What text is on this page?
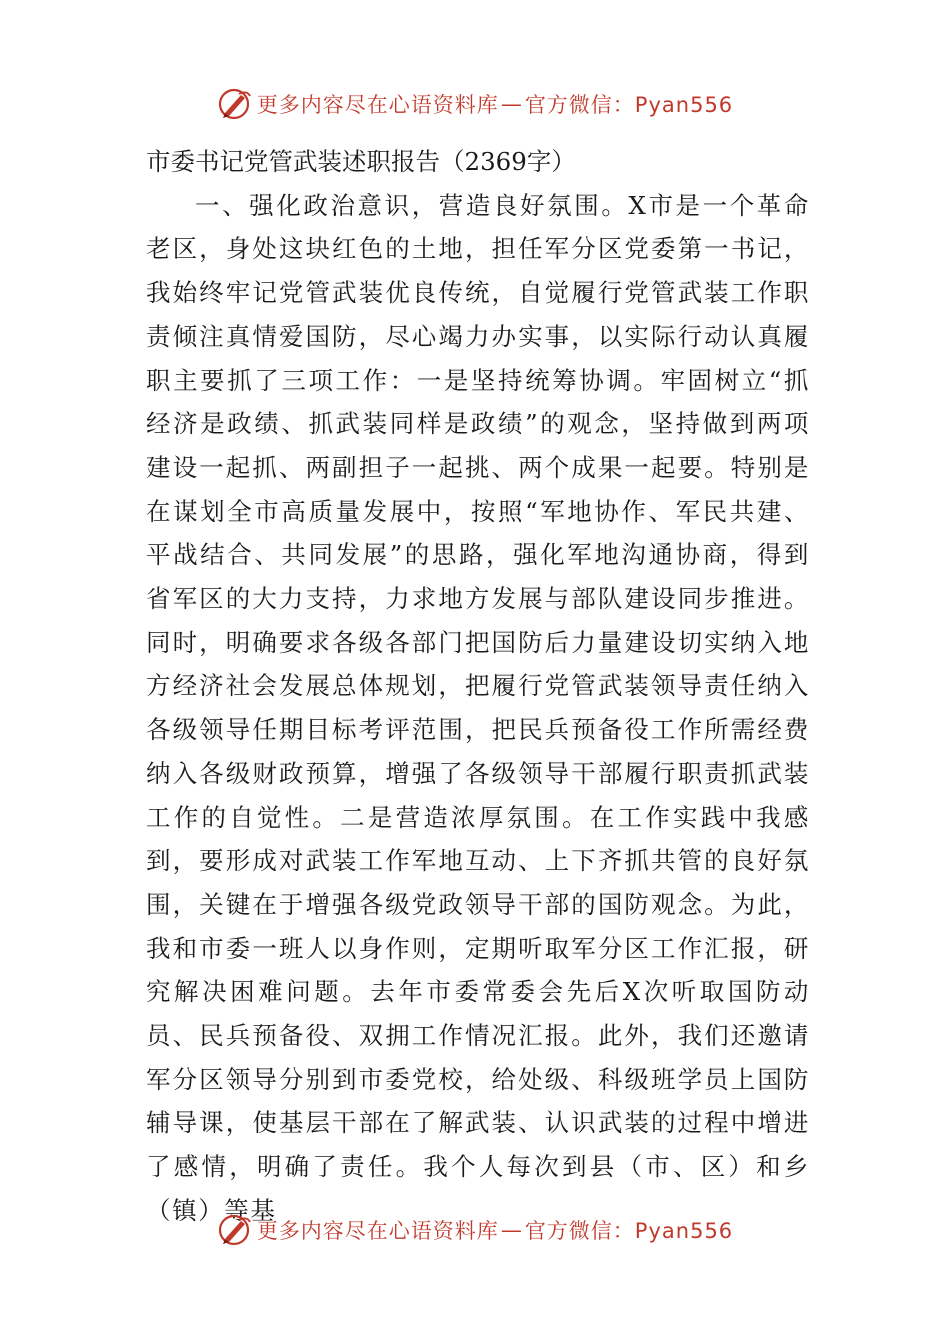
更多内容尽在心语资料库 — 官方微信：Pyan556

市委书记党管武装述职报告（2369字）

一、强化政治意识，营造良好氛围。X市是一个革命老区，身处这块红色的土地，担任军分区党委第一书记，我始终牢记党管武装优良传统，自觉履行党管武装工作职责倾注真情爱国防，尽心竭力办实事，以实际行动认真履职主要抓了三项工作：一是坚持统筹协调。牢固树立“抓经济是政绩、抓武装同样是政绩”的观念，坚持做到两项建设一起抓、两副担子一起挑、两个成果一起要。特别是在谋划全市高质量发展中，按照“军地协作、军民共建、平战结合、共同发展”的思路，强化军地沟通协商，得到省军区的大力支持，力求地方发展与部队建设同步推进。同时，明确要求各级各部门把国防后力量建设切实纳入地方经济社会发展总体规划，把履行党管武装领导责任纳入各级领导任期目标考评范围，把民兵预备役工作所需经费纳入各级财政预算，增强了各级领导干部履行职责抓武装工作的自觉性。二是营造浓厚氛围。在工作实践中我感到，要形成对武装工作军地互动、上下齐抓共管的良好氛围，关键在于增强各级党政领导干部的国防观念。为此，我和市委一班人以身作则，定期听取军分区工作汇报，研究解决困难问题。去年市委常委会先后X次听取国防动员、民兵预备役、双拥工作情况汇报。此外，我们还邀请军分区领导分别到市委党校，给处级、科级班学员上国防辅导课，使基层干部在了解武装、认识武装的过程中增进了感情，明确了责任。我个人每次到县（市、区）和乡（镇）等基

更多内容尽在心语资料库 — 官方微信：Pyan556
